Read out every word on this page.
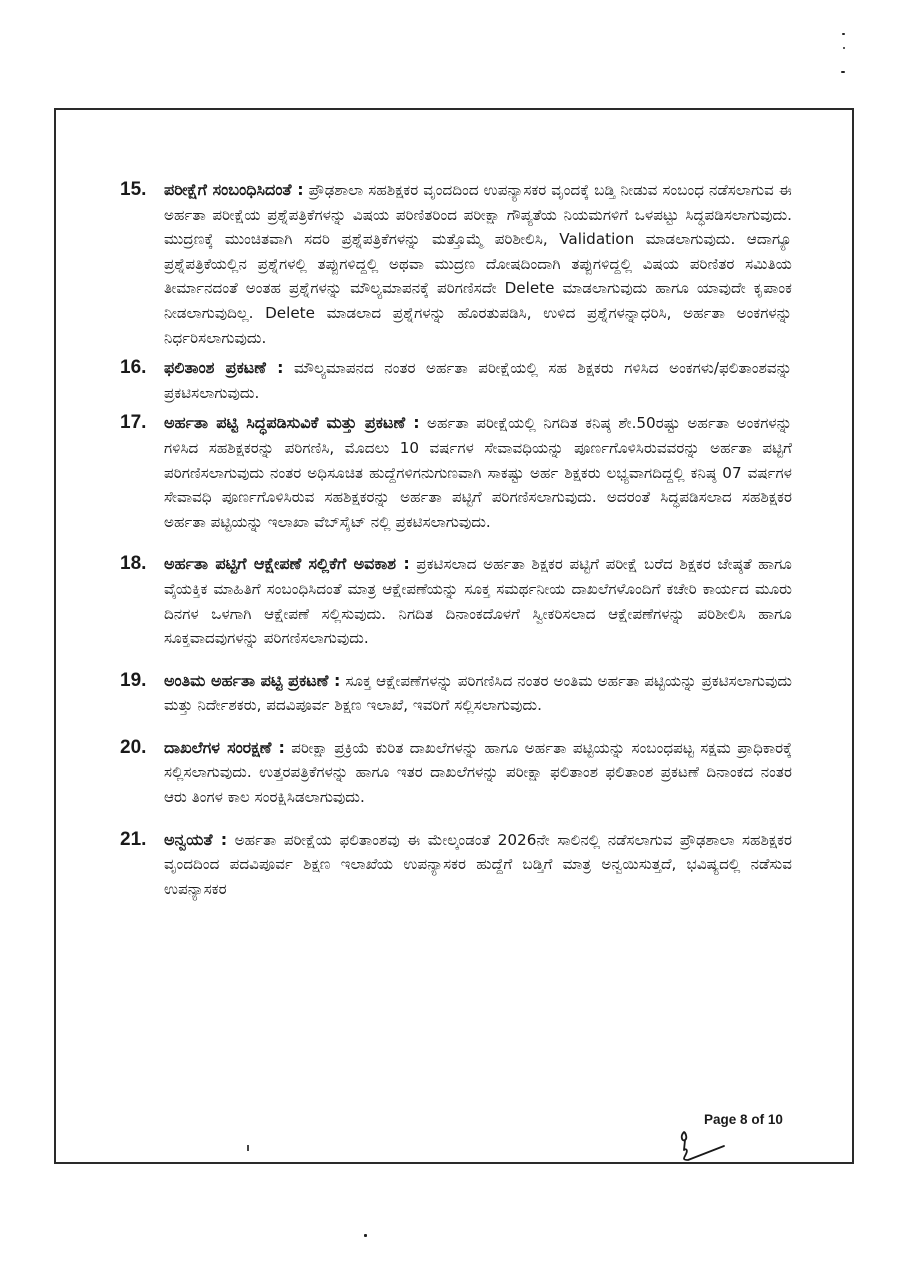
15. ಪರೀಕ್ಷೆಗೆ ಸಂಬಂಧಿಸಿದಂತೆ : ಪ್ರೌಢಶಾಲಾ ಸಹಶಿಕ್ಷಕರ ವೃಂದದಿಂದ ಉಪನ್ಯಾಸಕರ ವೃಂದಕ್ಕೆ ಬಡ್ತಿ ನೀಡುವ ಸಂಬಂಧ ನಡೆಸಲಾಗುವ ಈ ಅರ್ಹತಾ ಪರೀಕ್ಷೆಯ ಪ್ರಶ್ನೆಪತ್ರಿಕೆಗಳನ್ನು ವಿಷಯ ಪರಿಣಿತರಿಂದ ಪರೀಕ್ಷಾ ಗೌಪ್ಯತೆಯ ನಿಯಮಗಳಿಗೆ ಒಳಪಟ್ಟು ಸಿದ್ಧಪಡಿಸಲಾಗುವುದು. ಮುದ್ರಣಕ್ಕೆ ಮುಂಚಿತವಾಗಿ ಸದರಿ ಪ್ರಶ್ನೆಪತ್ರಿಕೆಗಳನ್ನು ಮತ್ತೊಮ್ಮೆ ಪರಿಶೀಲಿಸಿ, Validation ಮಾಡಲಾಗುವುದು. ಆದಾಗ್ಯೂ ಪ್ರಶ್ನೆಪತ್ರಿಕೆಯಲ್ಲಿನ ಪ್ರಶ್ನೆಗಳಲ್ಲಿ ತಪ್ಪುಗಳಿದ್ದಲ್ಲಿ ಅಥವಾ ಮುದ್ರಣ ದೋಷದಿಂದಾಗಿ ತಪ್ಪುಗಳಿದ್ದಲ್ಲಿ ವಿಷಯ ಪರಿಣಿತರ ಸಮಿತಿಯ ತೀರ್ಮಾನದಂತೆ ಅಂತಹ ಪ್ರಶ್ನೆಗಳನ್ನು ಮೌಲ್ಯಮಾಪನಕ್ಕೆ ಪರಿಗಣಿಸದೇ Delete ಮಾಡಲಾಗುವುದು ಹಾಗೂ ಯಾವುದೇ ಕೃಪಾಂಕ ನೀಡಲಾಗುವುದಿಲ್ಲ. Delete ಮಾಡಲಾದ ಪ್ರಶ್ನೆಗಳನ್ನು ಹೊರತುಪಡಿಸಿ, ಉಳಿದ ಪ್ರಶ್ನೆಗಳನ್ನಾಧರಿಸಿ, ಅರ್ಹತಾ ಅಂಕಗಳನ್ನು ನಿರ್ಧರಿಸಲಾಗುವುದು.
16. ಫಲಿತಾಂಶ ಪ್ರಕಟಣೆ : ಮೌಲ್ಯಮಾಪನದ ನಂತರ ಅರ್ಹತಾ ಪರೀಕ್ಷೆಯಲ್ಲಿ ಸಹ ಶಿಕ್ಷಕರು ಗಳಿಸಿದ ಅಂಕಗಳು/ಫಲಿತಾಂಶವನ್ನು ಪ್ರಕಟಿಸಲಾಗುವುದು.
17. ಅರ್ಹತಾ ಪಟ್ಟಿ ಸಿದ್ಧಪಡಿಸುವಿಕೆ ಮತ್ತು ಪ್ರಕಟಣೆ : ಅರ್ಹತಾ ಪರೀಕ್ಷೆಯಲ್ಲಿ ನಿಗದಿತ ಕನಿಷ್ಠ ಶೇ.50ರಷ್ಟು ಅರ್ಹತಾ ಅಂಕಗಳನ್ನು ಗಳಿಸಿದ ಸಹಶಿಕ್ಷಕರನ್ನು ಪರಿಗಣಿಸಿ, ಮೊದಲು 10 ವರ್ಷಗಳ ಸೇವಾವಧಿಯನ್ನು ಪೂರ್ಣಗೊಳಿಸಿರುವವರನ್ನು ಅರ್ಹತಾ ಪಟ್ಟಿಗೆ ಪರಿಗಣಿಸಲಾಗುವುದು ನಂತರ ಅಧಿಸೂಚಿತ ಹುದ್ದೆಗಳಿಗನುಗುಣವಾಗಿ ಸಾಕಷ್ಟು ಅರ್ಹ ಶಿಕ್ಷಕರು ಲಭ್ಯವಾಗದಿದ್ದಲ್ಲಿ ಕನಿಷ್ಠ 07 ವರ್ಷಗಳ ಸೇವಾವಧಿ ಪೂರ್ಣಗೊಳಿಸಿರುವ ಸಹಶಿಕ್ಷಕರನ್ನು ಅರ್ಹತಾ ಪಟ್ಟಿಗೆ ಪರಿಗಣಿಸಲಾಗುವುದು. ಅದರಂತೆ ಸಿದ್ಧಪಡಿಸಲಾದ ಸಹಶಿಕ್ಷಕರ ಅರ್ಹತಾ ಪಟ್ಟಿಯನ್ನು ಇಲಾಖಾ ವೆಬ್‌ಸೈಟ್ ನಲ್ಲಿ ಪ್ರಕಟಿಸಲಾಗುವುದು.
18. ಅರ್ಹತಾ ಪಟ್ಟಿಗೆ ಆಕ್ಷೇಪಣೆ ಸಲ್ಲಿಕೆಗೆ ಅವಕಾಶ : ಪ್ರಕಟಿಸಲಾದ ಅರ್ಹತಾ ಶಿಕ್ಷಕರ ಪಟ್ಟಿಗೆ ಪರೀಕ್ಷೆ ಬರೆದ ಶಿಕ್ಷಕರ ಜೇಷ್ಠತೆ ಹಾಗೂ ವೈಯಕ್ತಿಕ ಮಾಹಿತಿಗೆ ಸಂಬಂಧಿಸಿದಂತೆ ಮಾತ್ರ ಆಕ್ಷೇಪಣೆಯನ್ನು ಸೂಕ್ತ ಸಮರ್ಥನೀಯ ದಾಖಲೆಗಳೊಂದಿಗೆ ಕಚೇರಿ ಕಾರ್ಯದ ಮೂರು ದಿನಗಳ ಒಳಗಾಗಿ ಆಕ್ಷೇಪಣೆ ಸಲ್ಲಿಸುವುದು. ನಿಗದಿತ ದಿನಾಂಕದೊಳಗೆ ಸ್ವೀಕರಿಸಲಾದ ಆಕ್ಷೇಪಣೆಗಳನ್ನು ಪರಿಶೀಲಿಸಿ ಹಾಗೂ ಸೂಕ್ತವಾದವುಗಳನ್ನು ಪರಿಗಣಿಸಲಾಗುವುದು.
19. ಅಂತಿಮ ಅರ್ಹತಾ ಪಟ್ಟಿ ಪ್ರಕಟಣೆ : ಸೂಕ್ತ ಆಕ್ಷೇಪಣೆಗಳನ್ನು ಪರಿಗಣಿಸಿದ ನಂತರ ಅಂತಿಮ ಅರ್ಹತಾ ಪಟ್ಟಿಯನ್ನು ಪ್ರಕಟಿಸಲಾಗುವುದು ಮತ್ತು ನಿರ್ದೇಶಕರು, ಪದವಿಪೂರ್ವ ಶಿಕ್ಷಣ ಇಲಾಖೆ, ಇವರಿಗೆ ಸಲ್ಲಿಸಲಾಗುವುದು.
20. ದಾಖಲೆಗಳ ಸಂರಕ್ಷಣೆ : ಪರೀಕ್ಷಾ ಪ್ರಕ್ರಿಯೆ ಕುರಿತ ದಾಖಲೆಗಳನ್ನು ಹಾಗೂ ಅರ್ಹತಾ ಪಟ್ಟಿಯನ್ನು ಸಂಬಂಧಪಟ್ಟ ಸಕ್ಷಮ ಪ್ರಾಧಿಕಾರಕ್ಕೆ ಸಲ್ಲಿಸಲಾಗುವುದು. ಉತ್ತರಪತ್ರಿಕೆಗಳನ್ನು ಹಾಗೂ ಇತರ ದಾಖಲೆಗಳನ್ನು ಪರೀಕ್ಷಾ ಫಲಿತಾಂಶ ಫಲಿತಾಂಶ ಪ್ರಕಟಣೆ ದಿನಾಂಕದ ನಂತರ ಆರು ತಿಂಗಳ ಕಾಲ ಸಂರಕ್ಷಿಸಿಡಲಾಗುವುದು.
21. ಅನ್ವಯತೆ : ಅರ್ಹತಾ ಪರೀಕ್ಷೆಯ ಫಲಿತಾಂಶವು ಈ ಮೇಲ್ಕಂಡಂತೆ 2026ನೇ ಸಾಲಿನಲ್ಲಿ ನಡೆಸಲಾಗುವ ಪ್ರೌಢಶಾಲಾ ಸಹಶಿಕ್ಷಕರ ವೃಂದದಿಂದ ಪದವಿಪೂರ್ವ ಶಿಕ್ಷಣ ಇಲಾಖೆಯ ಉಪನ್ಯಾಸಕರ ಹುದ್ದೆಗೆ ಬಡ್ತಿಗೆ ಮಾತ್ರ ಅನ್ವಯಿಸುತ್ತದೆ, ಭವಿಷ್ಯದಲ್ಲಿ ನಡೆಸುವ ಉಪನ್ಯಾಸಕರ
Page 8 of 10
